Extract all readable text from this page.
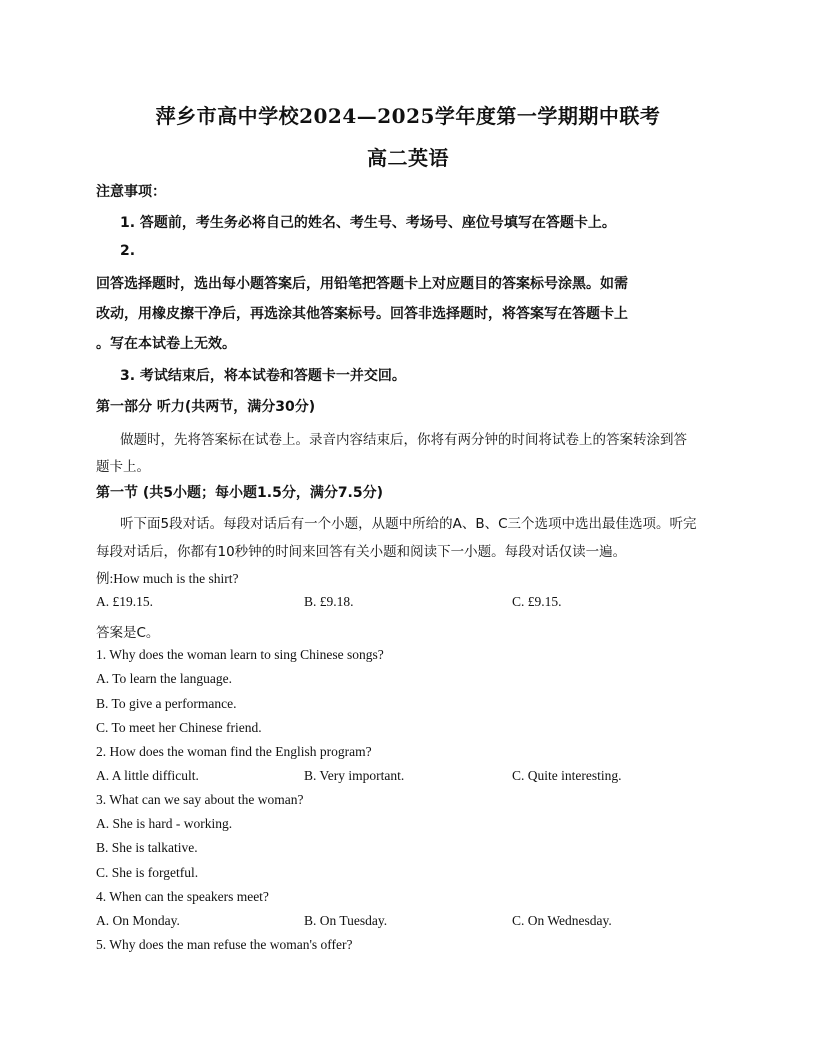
萍乡市高中学校2024—2025学年度第一学期期中联考
高二英语
注意事项：
1. 答题前，考生务必将自己的姓名、考生号、考场号、座位号填写在答题卡上。
2.
回答选择题时，选出每小题答案后，用铅笔把答题卡上对应题目的答案标号涂黑。如需
改动，用橡皮擦干净后，再选涂其他答案标号。回答非选择题时，将答案写在答题卡上
。写在本试卷上无效。
3. 考试结束后，将本试卷和答题卡一并交回。
第一部分 听力(共两节，满分30分)
做题时，先将答案标在试卷上。录音内容结束后，你将有两分钟的时间将试卷上的答案转涂到答
题卡上。
第一节 (共5小题；每小题1.5分，满分7.5分)
听下面5段对话。每段对话后有一个小题，从题中所给的A、B、C三个选项中选出最佳选项。听完
每段对话后，你都有10秒钟的时间来回答有关小题和阅读下一小题。每段对话仅读一遍。
例:How much is the shirt?
A. £19.15.	B. £9.18.	C. £9.15.
答案是C。
1. Why does the woman learn to sing Chinese songs?
A. To learn the language.
B. To give a performance.
C. To meet her Chinese friend.
2. How does the woman find the English program?
A. A little difficult.	B. Very important.	C. Quite interesting.
3. What can we say about the woman?
A. She is hard - working.
B. She is talkative.
C. She is forgetful.
4. When can the speakers meet?
A. On Monday.	B. On Tuesday.	C. On Wednesday.
5. Why does the man refuse the woman's offer?
